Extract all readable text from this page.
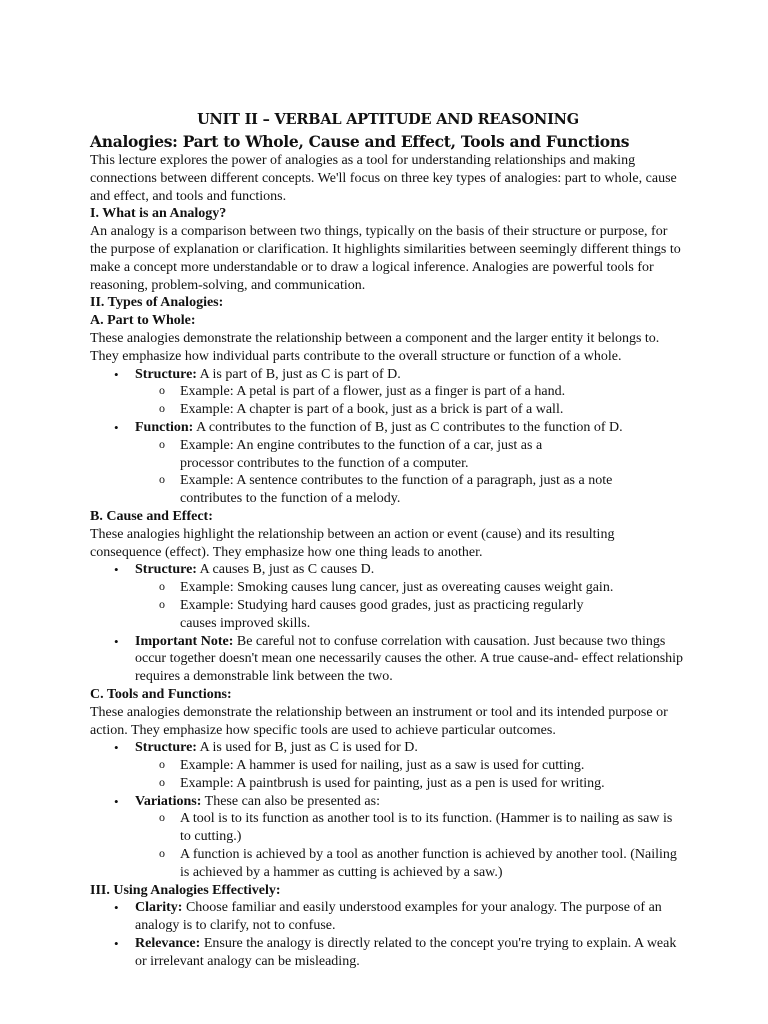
UNIT II – VERBAL APTITUDE AND REASONING
Analogies: Part to Whole, Cause and Effect, Tools and Functions

This lecture explores the power of analogies as a tool for understanding relationships and making connections between different concepts. We'll focus on three key types of analogies: part to whole, cause and effect, and tools and functions.

I. What is an Analogy?

An analogy is a comparison between two things, typically on the basis of their structure or purpose, for the purpose of explanation or clarification. It highlights similarities between seemingly different things to make a concept more understandable or to draw a logical inference. Analogies are powerful tools for reasoning, problem-solving, and communication.

II. Types of Analogies:
A. Part to Whole:

These analogies demonstrate the relationship between a component and the larger entity it belongs to. They emphasize how individual parts contribute to the overall structure or function of a whole.

• Structure: A is part of B, just as C is part of D.
o Example: A petal is part of a flower, just as a finger is part of a hand.
o Example: A chapter is part of a book, just as a brick is part of a wall.
• Function: A contributes to the function of B, just as C contributes to the function of D.
o Example: An engine contributes to the function of a car, just as a processor contributes to the function of a computer.
o Example: A sentence contributes to the function of a paragraph, just as a note contributes to the function of a melody.
B. Cause and Effect:

These analogies highlight the relationship between an action or event (cause) and its resulting consequence (effect). They emphasize how one thing leads to another.

• Structure: A causes B, just as C causes D.
o Example: Smoking causes lung cancer, just as overeating causes weight gain.
o Example: Studying hard causes good grades, just as practicing regularly causes improved skills.
• Important Note: Be careful not to confuse correlation with causation. Just because two things occur together doesn't mean one necessarily causes the other. A true cause-and- effect relationship requires a demonstrable link between the two.
C. Tools and Functions:

These analogies demonstrate the relationship between an instrument or tool and its intended purpose or action. They emphasize how specific tools are used to achieve particular outcomes.

• Structure: A is used for B, just as C is used for D.
o Example: A hammer is used for nailing, just as a saw is used for cutting.
o Example: A paintbrush is used for painting, just as a pen is used for writing.
• Variations: These can also be presented as:
o A tool is to its function as another tool is to its function. (Hammer is to nailing as saw is to cutting.)
o A function is achieved by a tool as another function is achieved by another tool. (Nailing is achieved by a hammer as cutting is achieved by a saw.)
III. Using Analogies Effectively:
• Clarity: Choose familiar and easily understood examples for your analogy. The purpose of an analogy is to clarify, not to confuse.
• Relevance: Ensure the analogy is directly related to the concept you're trying to explain. A weak or irrelevant analogy can be misleading.
